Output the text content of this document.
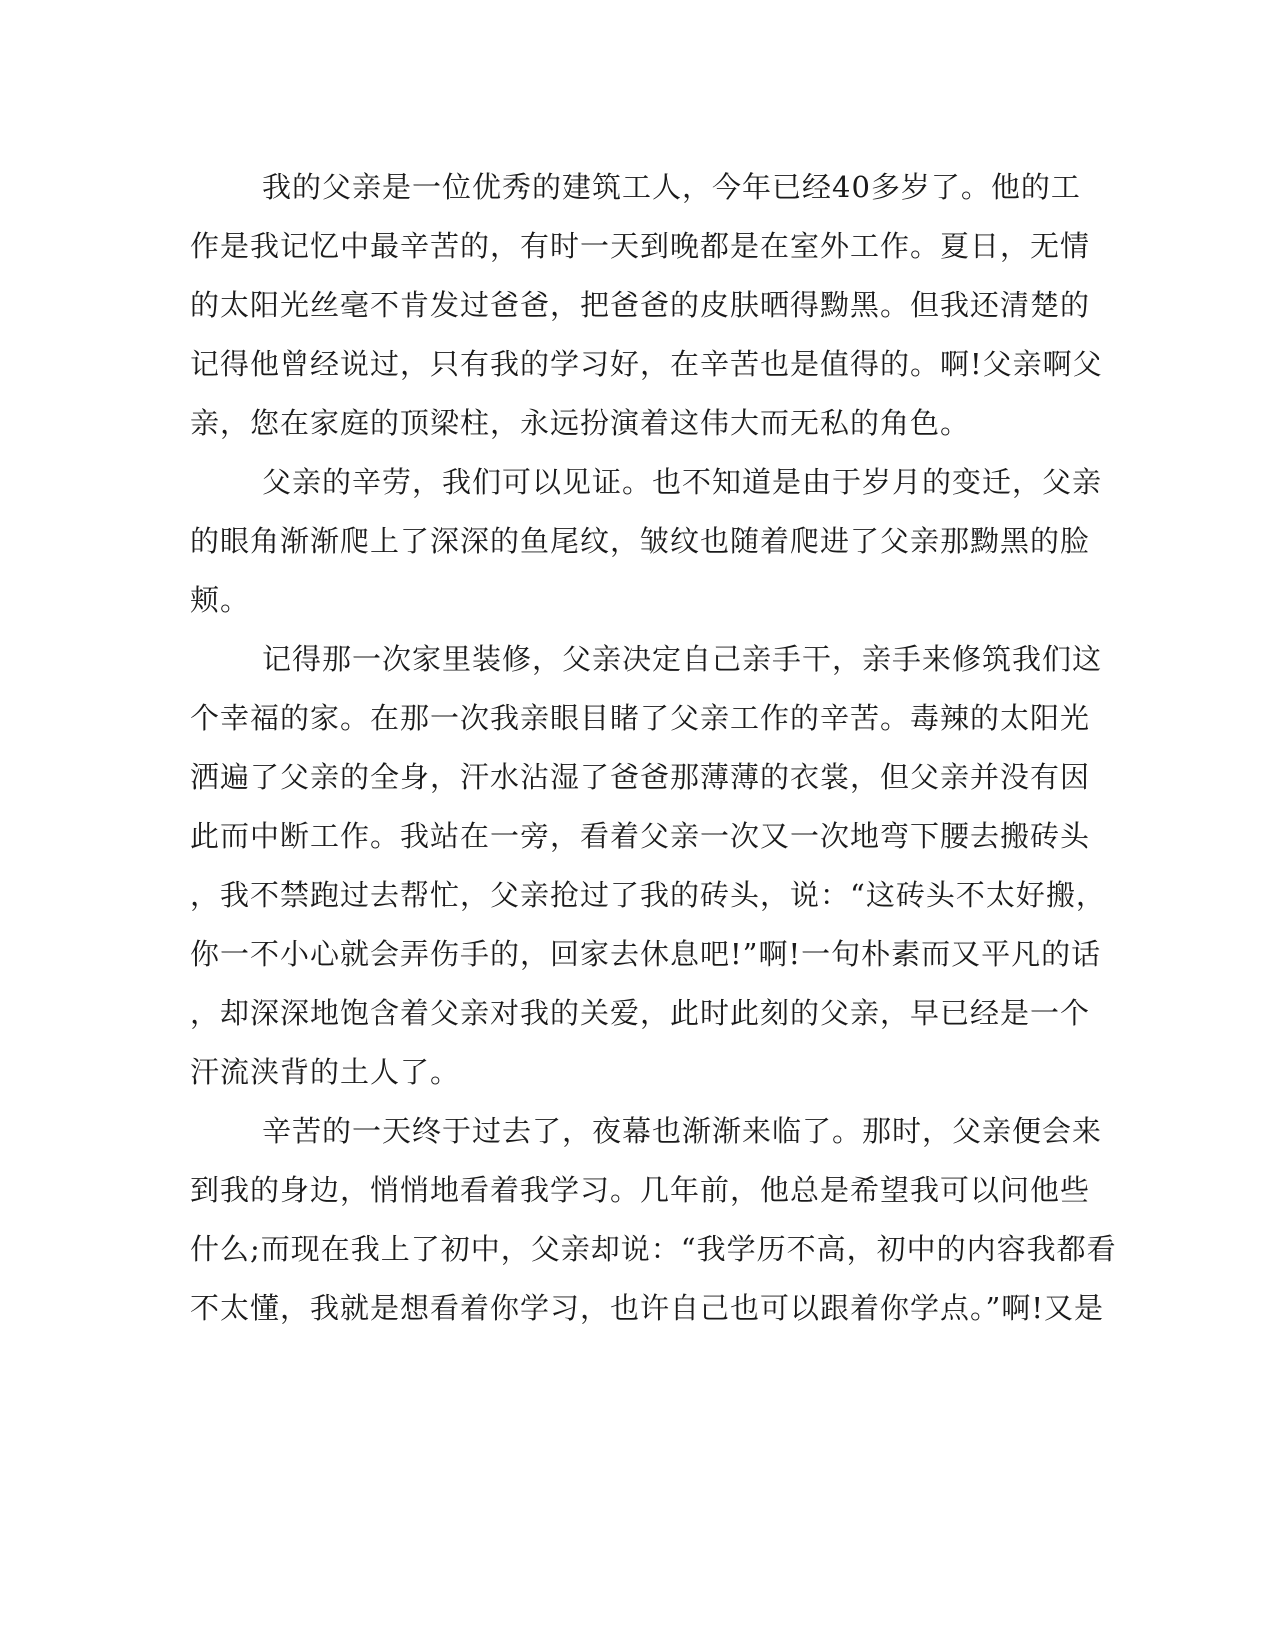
我的父亲是一位优秀的建筑工人，今年已经40多岁了。他的工
作是我记忆中最辛苦的，有时一天到晚都是在室外工作。夏日，无情
的太阳光丝毫不肯发过爸爸，把爸爸的皮肤晒得黝黑。但我还清楚的
记得他曾经说过，只有我的学习好，在辛苦也是值得的。啊!父亲啊父
亲，您在家庭的顶梁柱，永远扮演着这伟大而无私的角色。
父亲的辛劳，我们可以见证。也不知道是由于岁月的变迁，父亲
的眼角渐渐爬上了深深的鱼尾纹，皱纹也随着爬进了父亲那黝黑的脸
颊。
记得那一次家里装修，父亲决定自己亲手干，亲手来修筑我们这
个幸福的家。在那一次我亲眼目睹了父亲工作的辛苦。毒辣的太阳光
洒遍了父亲的全身，汗水沾湿了爸爸那薄薄的衣裳，但父亲并没有因
此而中断工作。我站在一旁，看着父亲一次又一次地弯下腰去搬砖头
，我不禁跑过去帮忙，父亲抢过了我的砖头，说：“这砖头不太好搬，
你一不小心就会弄伤手的，回家去休息吧!”啊!一句朴素而又平凡的话
，却深深地饱含着父亲对我的关爱，此时此刻的父亲，早已经是一个
汗流浃背的土人了。
辛苦的一天终于过去了，夜幕也渐渐来临了。那时，父亲便会来
到我的身边，悄悄地看着我学习。几年前，他总是希望我可以问他些
什么;而现在我上了初中，父亲却说：“我学历不高，初中的内容我都看
不太懂，我就是想看着你学习，也许自己也可以跟着你学点。”啊!又是
